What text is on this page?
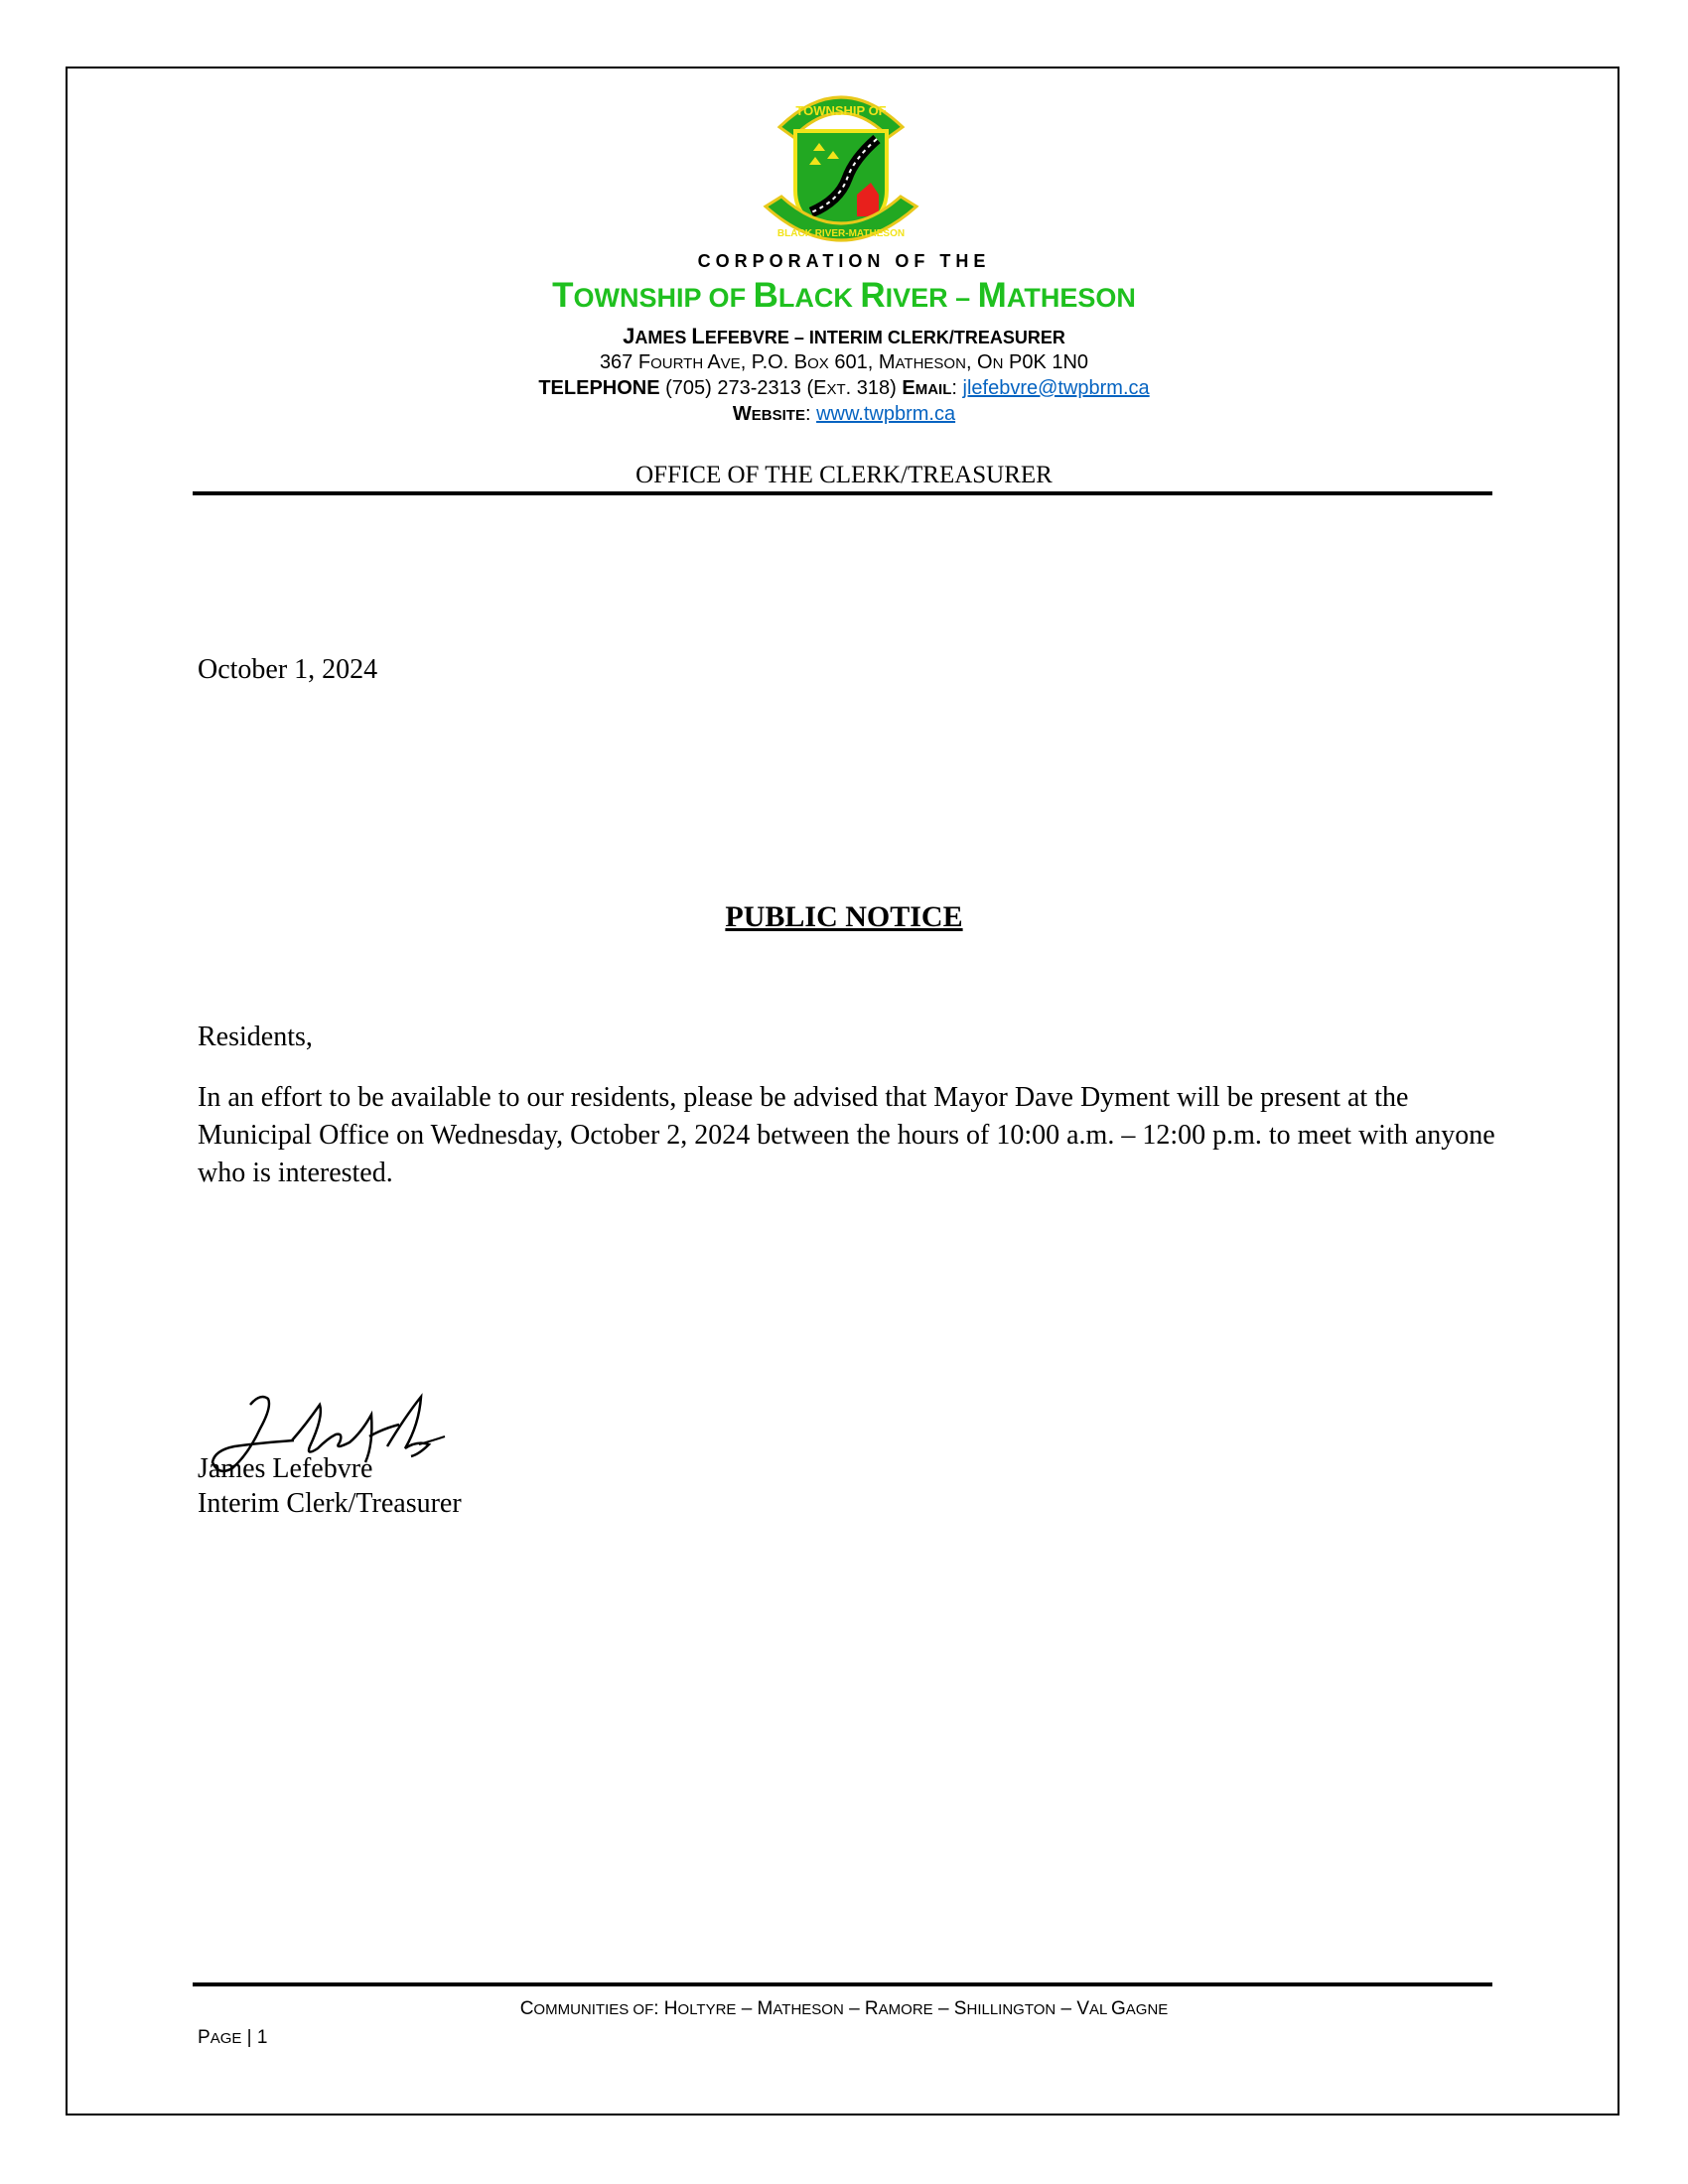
TOWNSHIP OF
BLACK RIVER-MATHESON
CORPORATION OF THE
TOWNSHIP OF BLACK RIVER – MATHESON
JAMES LEFEBVRE – INTERIM CLERK/TREASURER
367 FOURTH AVE, P.O. BOX 601, MATHESON, ON P0K 1N0
TELEPHONE (705) 273-2313 (EXT. 318) EMAIL: jlefebvre@twpbrm.ca
WEBSITE: www.twpbrm.ca
OFFICE OF THE CLERK/TREASURER
October 1, 2024
PUBLIC NOTICE
Residents,
In an effort to be available to our residents, please be advised that Mayor Dave Dyment will be present at the Municipal Office on Wednesday, October 2, 2024 between the hours of 10:00 a.m. – 12:00 p.m. to meet with anyone who is interested.
James Lefebvre
Interim Clerk/Treasurer
COMMUNITIES OF: HOLTYRE – MATHESON – RAMORE – SHILLINGTON – VAL GAGNE
PAGE | 1
